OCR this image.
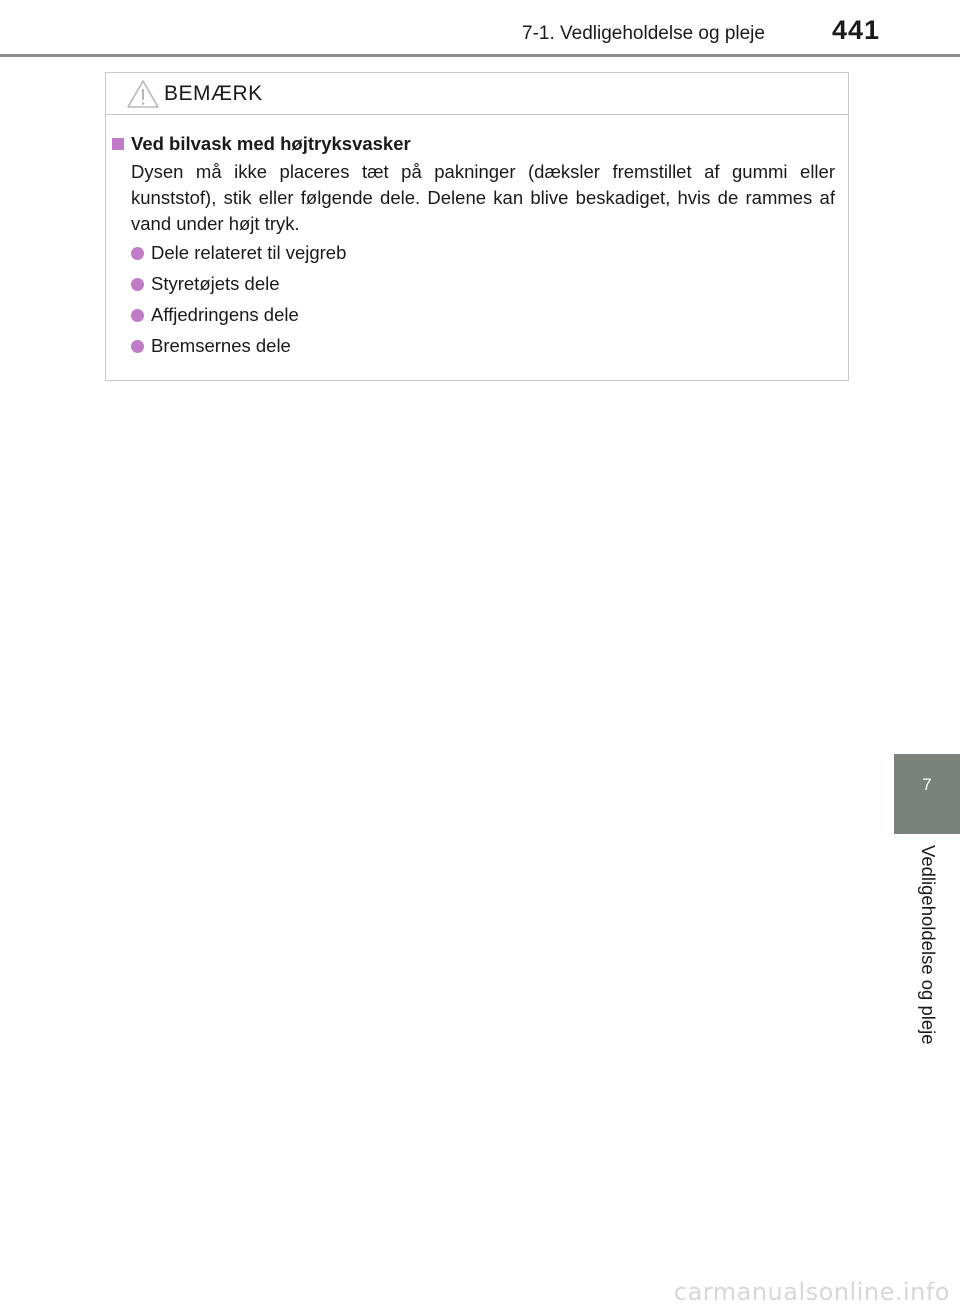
7-1. Vedligeholdelse og pleje 441
BEMÆRK
Ved bilvask med højtryksvasker
Dysen må ikke placeres tæt på pakninger (dæksler fremstillet af gummi eller kunststof), stik eller følgende dele. Delene kan blive beskadiget, hvis de rammes af vand under højt tryk.
Dele relateret til vejgreb
Styretøjets dele
Affjedringens dele
Bremsernes dele
7
Vedligeholdelse og pleje
carmanualsonline.info
